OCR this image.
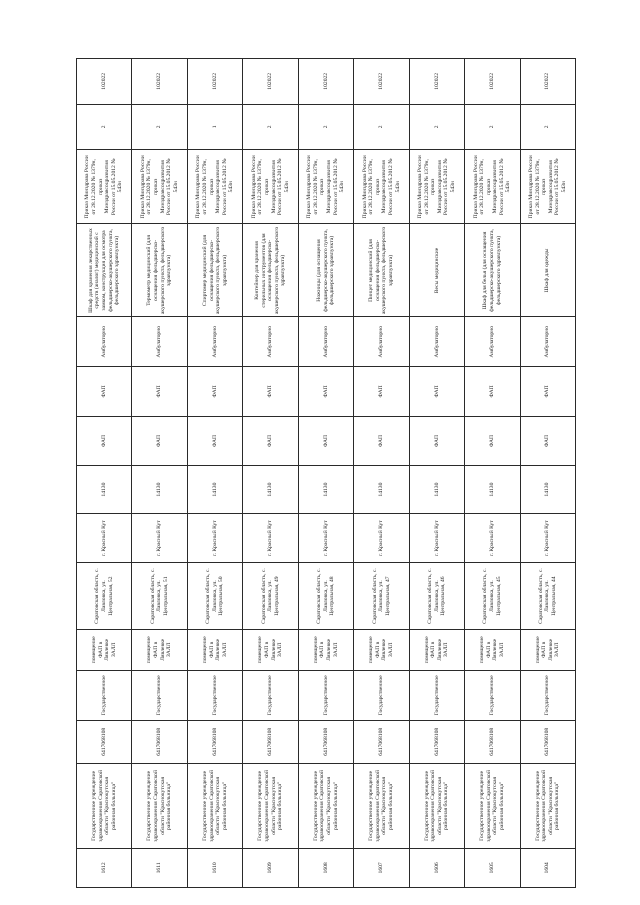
1612	Государственное учреждение здравоохранения Саратовской области "Краснокутская районная больница"	6417068108	Государственное	помещение ФАП в Лявлевке ЗАЛЛ	Саратовская область, с. Лавловка, ул. Центральная, 52	г. Красный Кут	14130	ФАП	ФАП	Амбулаторно	Шкаф для хранения лекарственных средств (аналог) медицинский с замком, конструкция для осмотра фельдшерско-акушерского пункта, фельдшерского здравпункта)	Приказ Минздрава России от 28.12.2020 № 1379н, приказ Минздравсоцразвития России от 15.05.2012 № 543н	2	102022
1611	Государственное учреждение здравоохранения Саратовской области "Краснокутская районная больница"	6417068108	Государственное	помещение ФАП в Лявлевке ЗАЛЛ	Саратовская область, с. Лавловка, ул. Центральная, 51	г. Красный Кут	14130	ФАП	ФАП	Амбулаторно	Термометр медицинский (для оснащения фельдшерско-акушерского пункта, фельдшерского здравпункта)	Приказ Минздрава России от 28.12.2020 № 1379н, приказ Минздравсоцразвития России от 15.05.2012 № 543н	2	102022
1610	Государственное учреждение здравоохранения Саратовской области "Краснокутская районная больница"	6417068108	Государственное	помещение ФАП в Лявлевке ЗАЛЛ	Саратовская область, с. Лавловка, ул. Центральная, 50	г. Красный Кут	14130	ФАП	ФАП	Амбулаторно	Спиртомер медицинский (для оснащения фельдшерско-акушерского пункта, фельдшерского здравпункта)	Приказ Минздрава России от 28.12.2020 № 1379н, приказ Минздравсоцразвития России от 15.05.2012 № 543н	1	102022
1609	Государственное учреждение здравоохранения Саратовской области "Краснокутская районная больница"	6417068108	Государственное	помещение ФАП в Лявлевке ЗАЛЛ	Саратовская область, с. Лавловка, ул. Центральная, 49	г. Красный Кут	14130	ФАП	ФАП	Амбулаторно	Контейнер для хранения стерильных инструментов (для оснащения фельдшерско-акушерского пункта, фельдшерского здравпункта)	Приказ Минздрава России от 28.12.2020 № 1379н, приказ Минздравсоцразвития России от 15.05.2012 № 543н	2	102022
1608	Государственное учреждение здравоохранения Саратовской области "Краснокутская районная больница"	6417068108	Государственное	помещение ФАП в Лявлевке ЗАЛЛ	Саратовская область, с. Лавловка, ул. Центральная, 48	г. Красный Кут	14130	ФАП	ФАП	Амбулаторно	Ножницы (для оснащения фельдшерско-акушерского пункта, фельдшерского здравпункта)	Приказ Минздрава России от 28.12.2020 № 1379н, приказ Минздравсоцразвития России от 15.05.2012 № 543н	2	102022
1607	Государственное учреждение здравоохранения Саратовской области "Краснокутская районная больница"	6417068108	Государственное	помещение ФАП в Лявлевке ЗАЛЛ	Саратовская область, с. Лавловка, ул. Центральная, 47	г. Красный Кут	14130	ФАП	ФАП	Амбулаторно	Пинцет медицинский (для оснащения фельдшерско-акушерского пункта, фельдшерского здравпункта)	Приказ Минздрава России от 28.12.2020 № 1379н, приказ Минздравсоцразвития России от 15.05.2012 № 543н	2	102022
1606	Государственное учреждение здравоохранения Саратовской области "Краснокутская районная больница"	6417068108	Государственное	помещение ФАП в Лявлевке ЗАЛЛ	Саратовская область, с. Лавловка, ул. Центральная, 46	г. Красный Кут	14130	ФАП	ФАП	Амбулаторно	Весы медицинские	Приказ Минздрава России от 28.12.2020 № 1379н, приказ Минздравсоцразвития России от 15.05.2012 № 543н	2	102022
1605	Государственное учреждение здравоохранения Саратовской области "Краснокутская районная больница"	6417068108	Государственное	помещение ФАП в Лявлевке ЗАЛЛ	Саратовская область, с. Лавловка, ул. Центральная, 45	г. Красный Кут	14130	ФАП	ФАП	Амбулаторно	Шкаф для белья (для оснащения фельдшерско-акушерского пункта, фельдшерского здравпункта)	Приказ Минздрава России от 28.12.2020 № 1379н, приказ Минздравсоцразвития России от 15.05.2012 № 543н	2	102022
1604	Государственное учреждение здравоохранения Саратовской области "Краснокутская районная больница"	6417068108	Государственное	помещение ФАП в Лявлевке ЗАЛЛ	Саратовская область, с. Лавловка, ул. Центральная, 44	г. Красный Кут	14130	ФАП	ФАП	Амбулаторно	Шкаф для одежды	Приказ Минздрава России от 28.12.2020 № 1379н, приказ Минздравсоцразвития России от 15.05.2012 № 543н	2	102022
